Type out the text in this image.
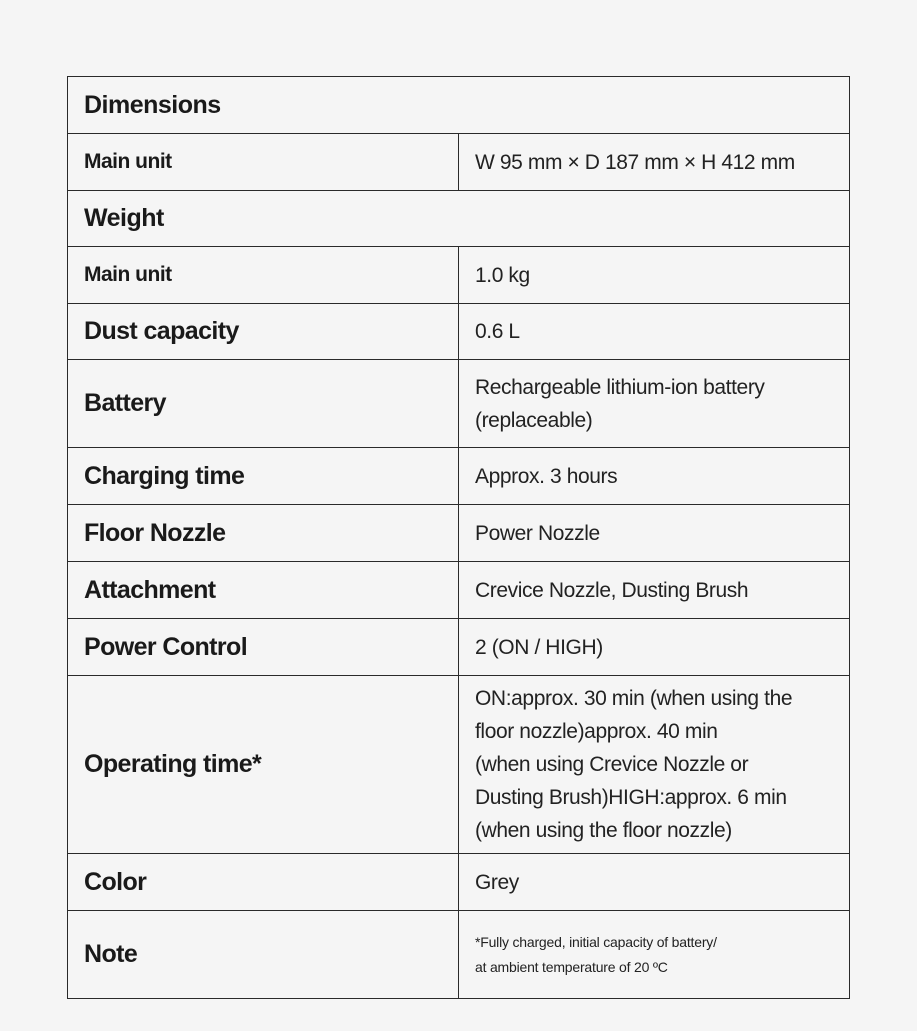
Dimensions	
Main unit	W 95 mm × D 187 mm × H 412 mm
Weight	
Main unit	1.0 kg
Dust capacity	0.6 L
Battery	Rechargeable lithium-ion battery
(replaceable)
Charging time	Approx. 3 hours
Floor Nozzle	Power Nozzle
Attachment	Crevice Nozzle, Dusting Brush
Power Control	2 (ON / HIGH)
Operating time*	ON:approx. 30 min (when using the
floor nozzle)approx. 40 min
(when using Crevice Nozzle or
Dusting Brush)HIGH:approx. 6 min
(when using the floor nozzle)
Color	Grey
Note	*Fully charged, initial capacity of battery/
at ambient temperature of 20 ºC
